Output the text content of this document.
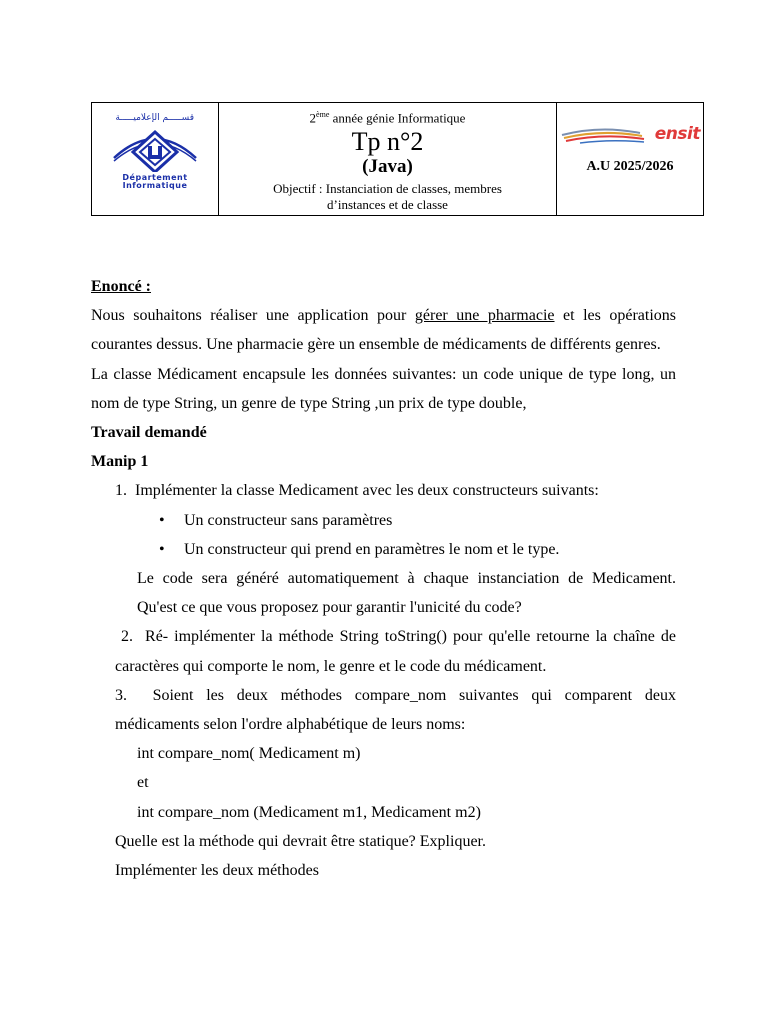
قســـــم الإعلاميـــــة
Département
Informatique

2ème année génie Informatique
Tp n°2
(Java)
Objectif : Instanciation de classes, membres
d’instances et de classe

ensit
A.U 2025/2026

Enoncé :

Nous souhaitons réaliser une application pour gérer une pharmacie et les opérations courantes dessus. Une pharmacie gère un ensemble de médicaments de différents genres.

La classe Médicament encapsule les données suivantes: un code unique de type long, un nom de type String, un genre de type String ,un prix de type double,

Travail demandé

Manip 1

1. Implémenter la classe Medicament avec les deux constructeurs suivants:

• Un constructeur sans paramètres

• Un constructeur qui prend en paramètres le nom et le type.

Le code sera généré automatiquement à chaque instanciation de Medicament. Qu'est ce que vous proposez pour garantir l'unicité du code?

2. Ré- implémenter la méthode String toString() pour qu'elle retourne la chaîne de caractères qui comporte le nom, le genre et le code du médicament.

3. Soient les deux méthodes compare_nom suivantes qui comparent deux médicaments selon l'ordre alphabétique de leurs noms:

int compare_nom( Medicament m)

et

int compare_nom (Medicament m1, Medicament m2)

Quelle est la méthode qui devrait être statique? Expliquer.

Implémenter les deux méthodes
